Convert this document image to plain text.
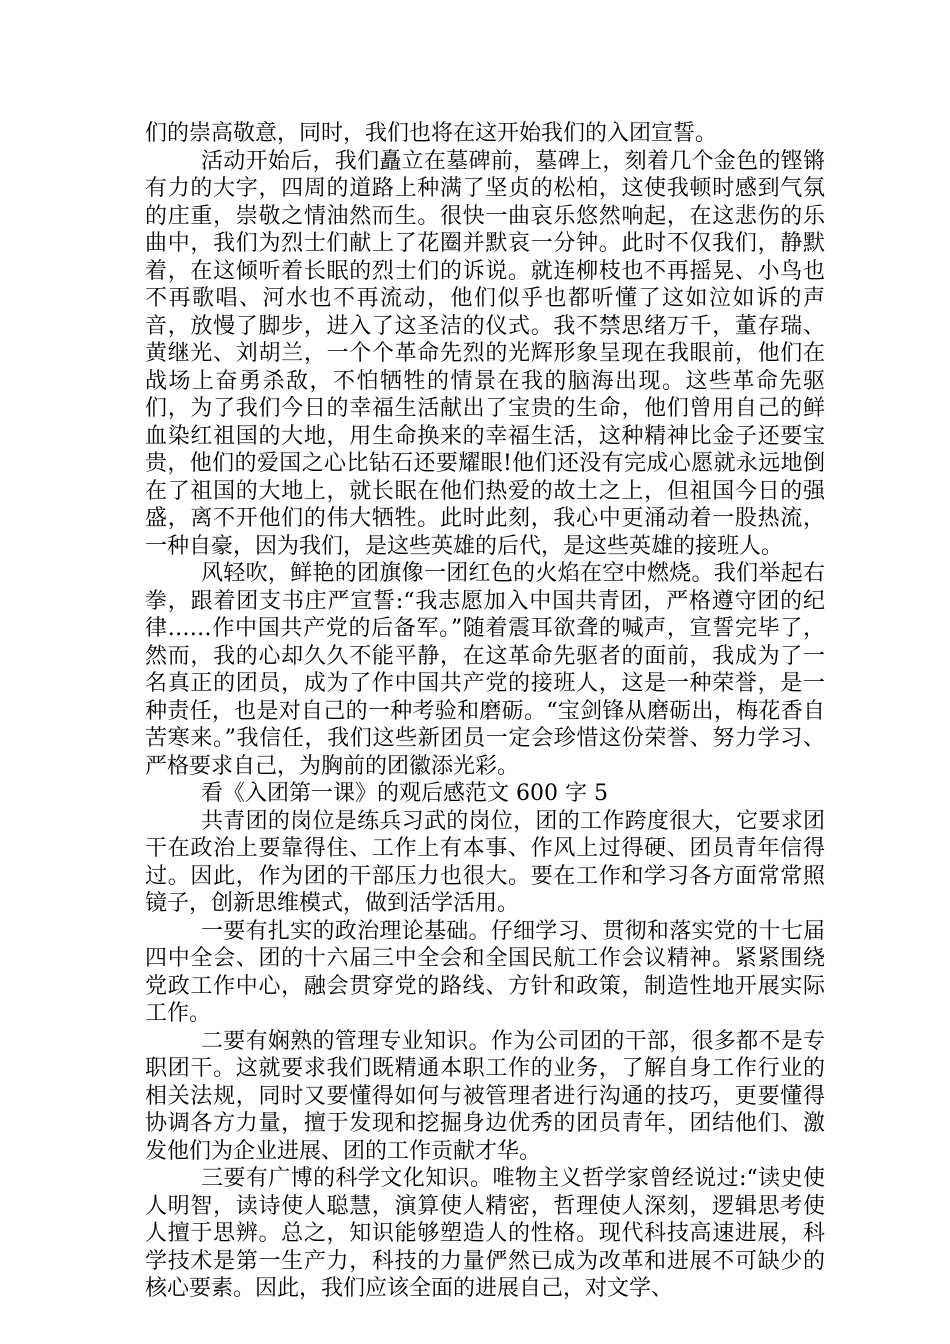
们的崇高敬意，同时，我们也将在这开始我们的入团宣誓。

活动开始后，我们矗立在墓碑前，墓碑上，刻着几个金色的铿锵有力的大字，四周的道路上种满了坚贞的松柏，这使我顿时感到气氛的庄重，崇敬之情油然而生。很快一曲哀乐悠然响起，在这悲伤的乐曲中，我们为烈士们献上了花圈并默哀一分钟。此时不仅我们，静默着，在这倾听着长眠的烈士们的诉说。就连柳枝也不再摇晃、小鸟也不再歌唱、河水也不再流动，他们似乎也都听懂了这如泣如诉的声音，放慢了脚步，进入了这圣洁的仪式。我不禁思绪万千，董存瑞、黄继光、刘胡兰，一个个革命先烈的光辉形象呈现在我眼前，他们在战场上奋勇杀敌，不怕牺牲的情景在我的脑海出现。这些革命先驱们，为了我们今日的幸福生活献出了宝贵的生命，他们曾用自己的鲜血染红祖国的大地，用生命换来的幸福生活，这种精神比金子还要宝贵，他们的爱国之心比钻石还要耀眼!他们还没有完成心愿就永远地倒在了祖国的大地上，就长眠在他们热爱的故土之上，但祖国今日的强盛，离不开他们的伟大牺牲。此时此刻，我心中更涌动着一股热流，一种自豪，因为我们，是这些英雄的后代，是这些英雄的接班人。

风轻吹，鲜艳的团旗像一团红色的火焰在空中燃烧。我们举起右拳，跟着团支书庄严宣誓:“我志愿加入中国共青团，严格遵守团的纪律……作中国共产党的后备军。”随着震耳欲聋的喊声，宣誓完毕了，然而，我的心却久久不能平静，在这革命先驱者的面前，我成为了一名真正的团员，成为了作中国共产党的接班人，这是一种荣誉，是一种责任，也是对自己的一种考验和磨砺。“宝剑锋从磨砺出，梅花香自苦寒来。”我信任，我们这些新团员一定会珍惜这份荣誉、努力学习、严格要求自己，为胸前的团徽添光彩。

看《入团第一课》的观后感范文 600 字 5

共青团的岗位是练兵习武的岗位，团的工作跨度很大，它要求团干在政治上要靠得住、工作上有本事、作风上过得硬、团员青年信得过。因此，作为团的干部压力也很大。要在工作和学习各方面常常照镜子，创新思维模式，做到活学活用。

一要有扎实的政治理论基础。仔细学习、贯彻和落实党的十七届四中全会、团的十六届三中全会和全国民航工作会议精神。紧紧围绕党政工作中心，融会贯穿党的路线、方针和政策，制造性地开展实际工作。

二要有娴熟的管理专业知识。作为公司团的干部，很多都不是专职团干。这就要求我们既精通本职工作的业务，了解自身工作行业的相关法规，同时又要懂得如何与被管理者进行沟通的技巧，更要懂得协调各方力量，擅于发现和挖掘身边优秀的团员青年，团结他们、激发他们为企业进展、团的工作贡献才华。

三要有广博的科学文化知识。唯物主义哲学家曾经说过:“读史使人明智，读诗使人聪慧，演算使人精密，哲理使人深刻，逻辑思考使人擅于思辨。总之，知识能够塑造人的性格。现代科技高速进展，科学技术是第一生产力，科技的力量俨然已成为改革和进展不可缺少的核心要素。因此，我们应该全面的进展自己，对文学、
